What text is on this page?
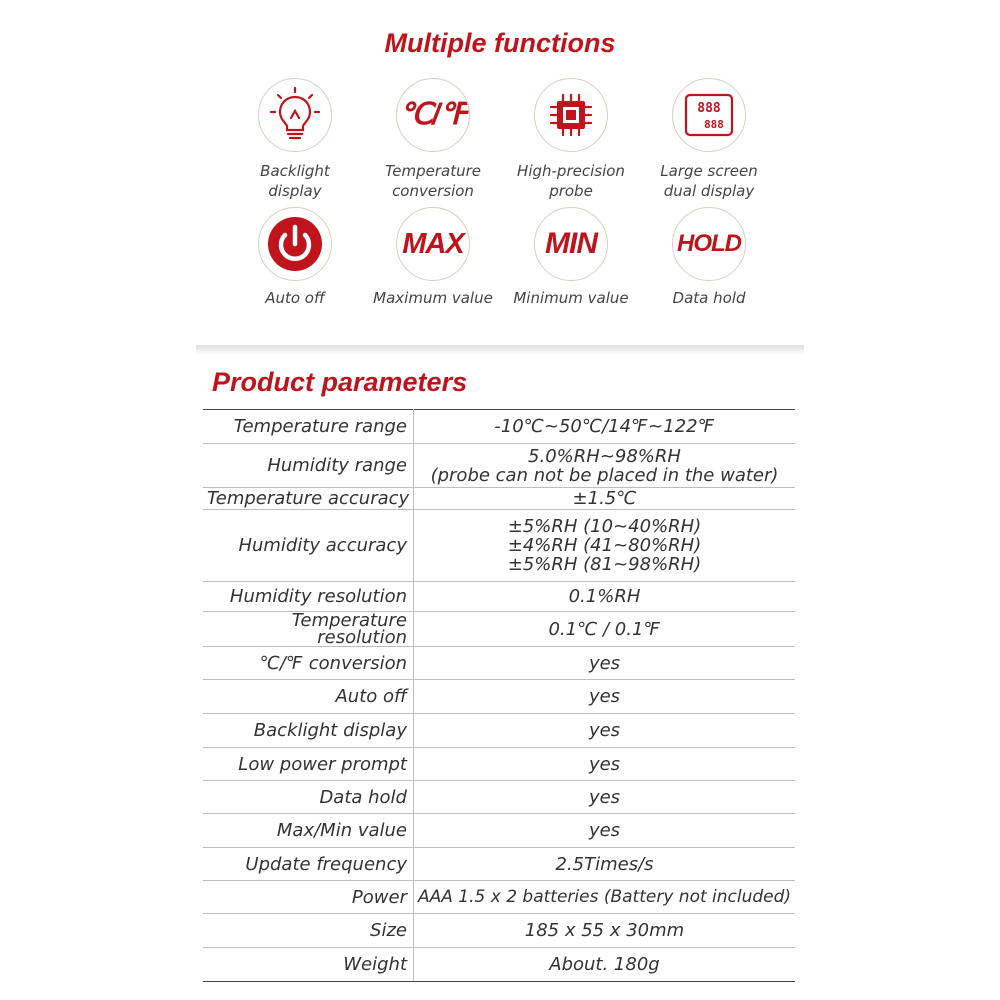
Multiple functions
Backlight
display
℃/℉
Temperature
conversion
High-precision
probe
888
888
Large screen
dual display
Auto off
MAX
Maximum value
MIN
Minimum value
HOLD
Data hold
Product parameters
Temperature range	-10℃~50℃/14℉~122℉

Humidity range	5.0%RH~98%RH
(probe can not be placed in the water)

Temperature accuracy	±1.5℃

Humidity accuracy	±5%RH (10~40%RH)
±4%RH (41~80%RH)
±5%RH (81~98%RH)

Humidity resolution	0.1%RH

Temperature
resolution	0.1℃ / 0.1℉

℃/℉ conversion	yes

Auto off	yes

Backlight display	yes

Low power prompt	yes

Data hold	yes

Max/Min value	yes

Update frequency	2.5Times/s

Power	AAA 1.5 x 2 batteries (Battery not included)

Size	185 x 55 x 30mm

Weight	About. 180g
